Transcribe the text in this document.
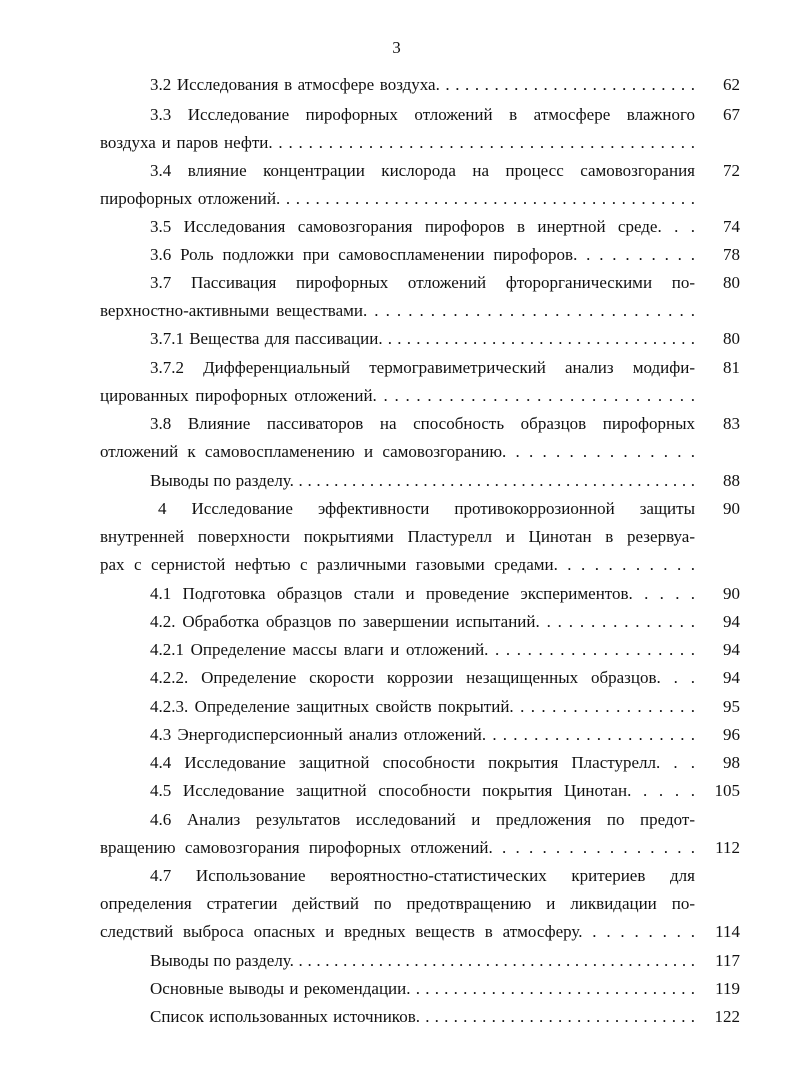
3
3.2 Исследования в атмосфере воздуха. . . . . . . . . . . . . . . . . . . . . . . . . . .	62
3.3 Исследование пирофорных отложений в атмосфере влажного	67
воздуха и паров нефти. . . . . . . . . . . . . . . . . . . . . . . . . . . . . . . . . . . . . . . . . . .
3.4 влияние концентрации кислорода на процесс самовозгорания	72
пирофорных отложений. . . . . . . . . . . . . . . . . . . . . . . . . . . . . . . . . . . . . . . . . . .
3.5 Исследования самовозгорания пирофоров в инертной среде. . .	74
3.6 Роль подложки при самовоспламенении пирофоров. . . . . . . . . .	78
3.7 Пассивация пирофорных отложений фторорганическими по-	80
верхностно-активными веществами. . . . . . . . . . . . . . . . . . . . . . . . . . . . . .
3.7.1 Вещества для пассивации. . . . . . . . . . . . . . . . . . . . . . . . . . . . . . . . . .	80
3.7.2 Дифференциальный термогравиметрический анализ модифи-	81
цированных пирофорных отложений. . . . . . . . . . . . . . . . . . . . . . . . . . . . . .
3.8 Влияние пассиваторов на способность образцов пирофорных	83
отложений к самовоспламенению и самовозгоранию. . . . . . . . . . . . . . .
Выводы по разделу. . . . . . . . . . . . . . . . . . . . . . . . . . . . . . . . . . . . . . . . . . . . . .	88
4 Исследование эффективности противокоррозионной защиты	90
внутренней поверхности покрытиями Пластурелл и Цинотан в резервуа-
рах с сернистой нефтью с различными газовыми средами. . . . . . . . . . .
4.1 Подготовка образцов стали и проведение экспериментов. . . . .	90
4.2. Обработка образцов по завершении испытаний. . . . . . . . . . . . . . .	94
4.2.1 Определение массы влаги и отложений. . . . . . . . . . . . . . . . . . . .	94
4.2.2. Определение скорости коррозии незащищенных образцов. . .	94
4.2.3. Определение защитных свойств покрытий. . . . . . . . . . . . . . . . . .	95
4.3 Энергодисперсионный анализ отложений. . . . . . . . . . . . . . . . . . . . .	96
4.4 Исследование защитной способности покрытия Пластурелл. . .	98
4.5 Исследование защитной способности покрытия Цинотан. . . . .	105
4.6 Анализ результатов исследований и предложения по предот-
вращению самовозгорания пирофорных отложений. . . . . . . . . . . . . . . .	112
4.7 Использование вероятностно-статистических критериев для
определения стратегии действий по предотвращению и ликвидации по-
следствий выброса опасных и вредных веществ в атмосферу. . . . . . . . .	114
Выводы по разделу. . . . . . . . . . . . . . . . . . . . . . . . . . . . . . . . . . . . . . . . . . . . . .	117
Основные выводы и рекомендации. . . . . . . . . . . . . . . . . . . . . . . . . . . . . . .	119
Список использованных источников. . . . . . . . . . . . . . . . . . . . . . . . . . . . . .	122
